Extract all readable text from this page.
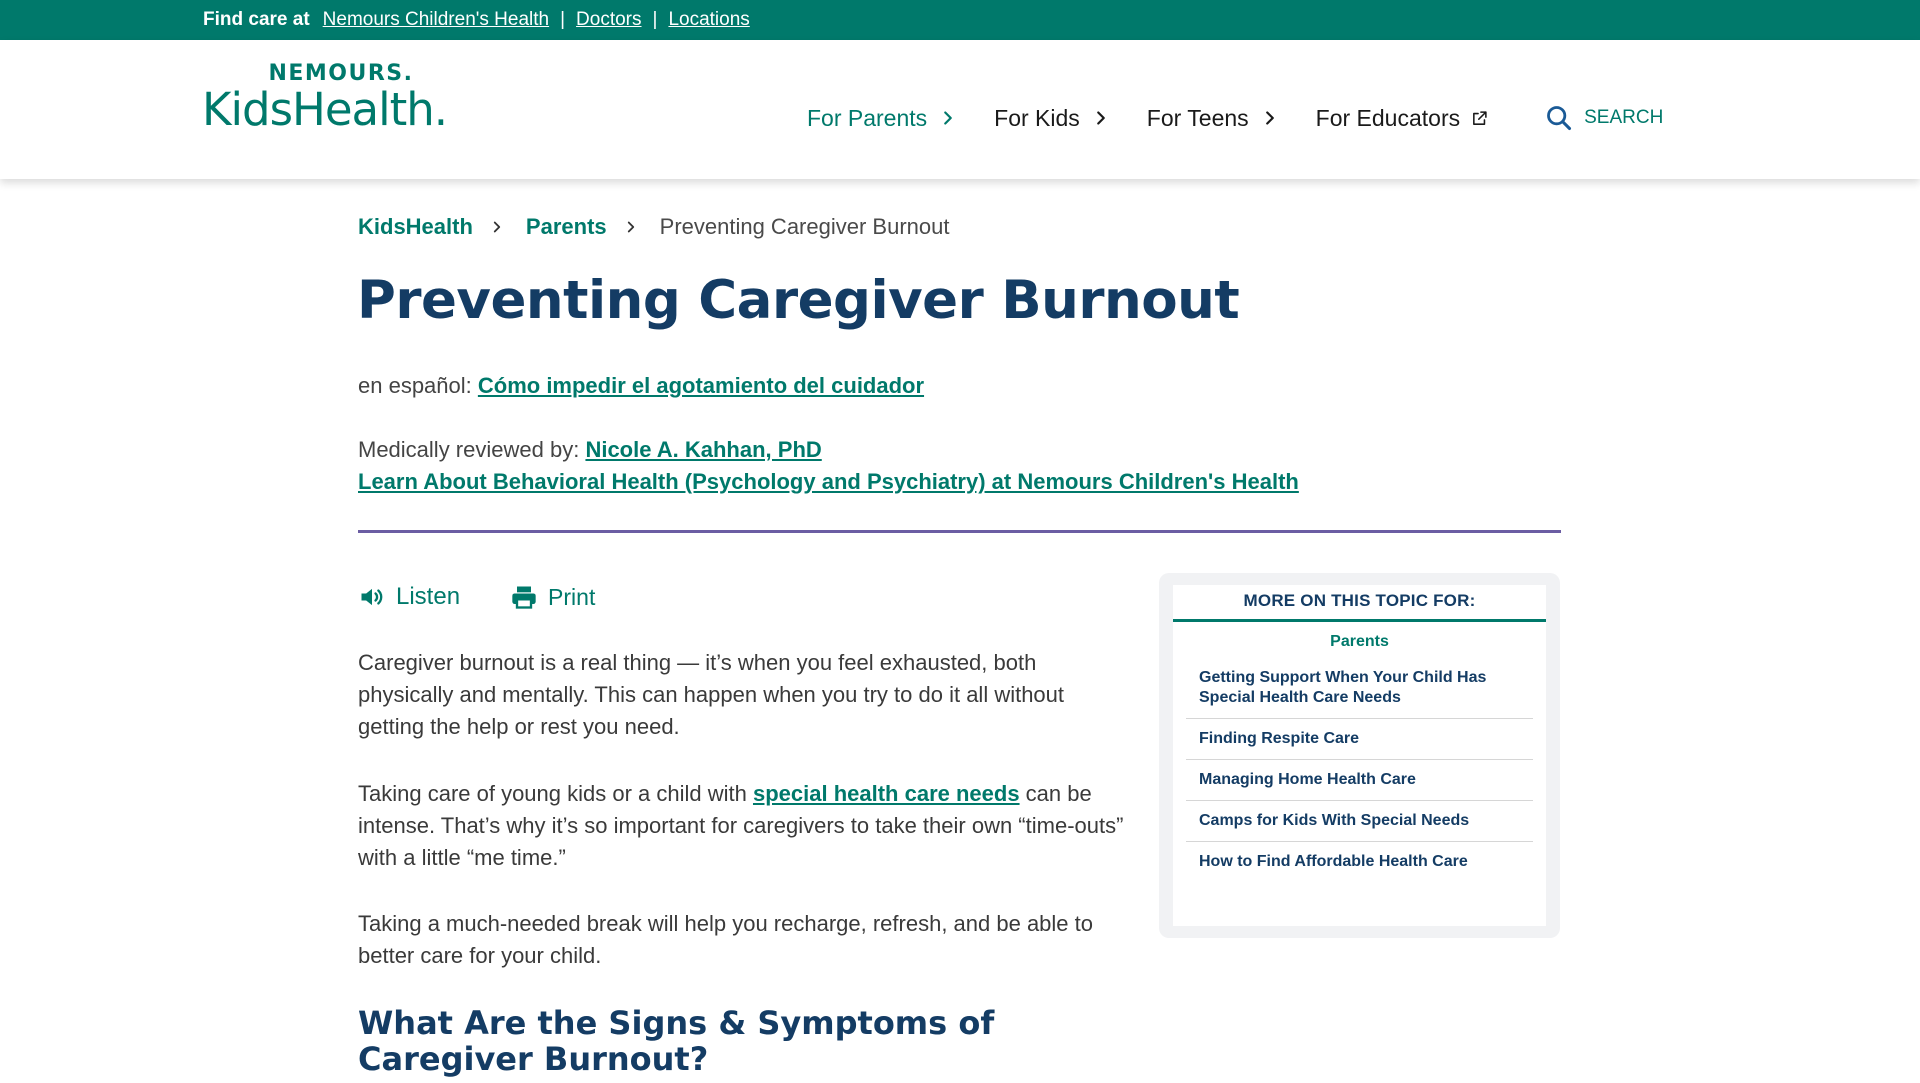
Find care at Nemours Children's Health | Doctors | Locations
NEMOURS.
KidsHealth.	For Parents	For Kids	For Teens	For Educators	SEARCH
KidsHealth Parents Preventing Caregiver Burnout
Preventing Caregiver Burnout
en español: Cómo impedir el agotamiento del cuidador
Medically reviewed by: Nicole A. Kahhan, PhD
Learn About Behavioral Health (Psychology and Psychiatry) at Nemours Children's Health
Listen	Print

Caregiver burnout is a real thing — it’s when you feel exhausted, both physically and mentally. This can happen when you try to do it all without getting the help or rest you need.

Taking care of young kids or a child with special health care needs can be intense. That’s why it’s so important for caregivers to take their own “time-outs” with a little “me time.”

Taking a much-needed break will help you recharge, refresh, and be able to better care for your child.

What Are the Signs & Symptoms of Caregiver Burnout?
MORE ON THIS TOPIC FOR:
Parents
Getting Support When Your Child Has Special Health Care Needs
Finding Respite Care
Managing Home Health Care
Camps for Kids With Special Needs
How to Find Affordable Health Care
